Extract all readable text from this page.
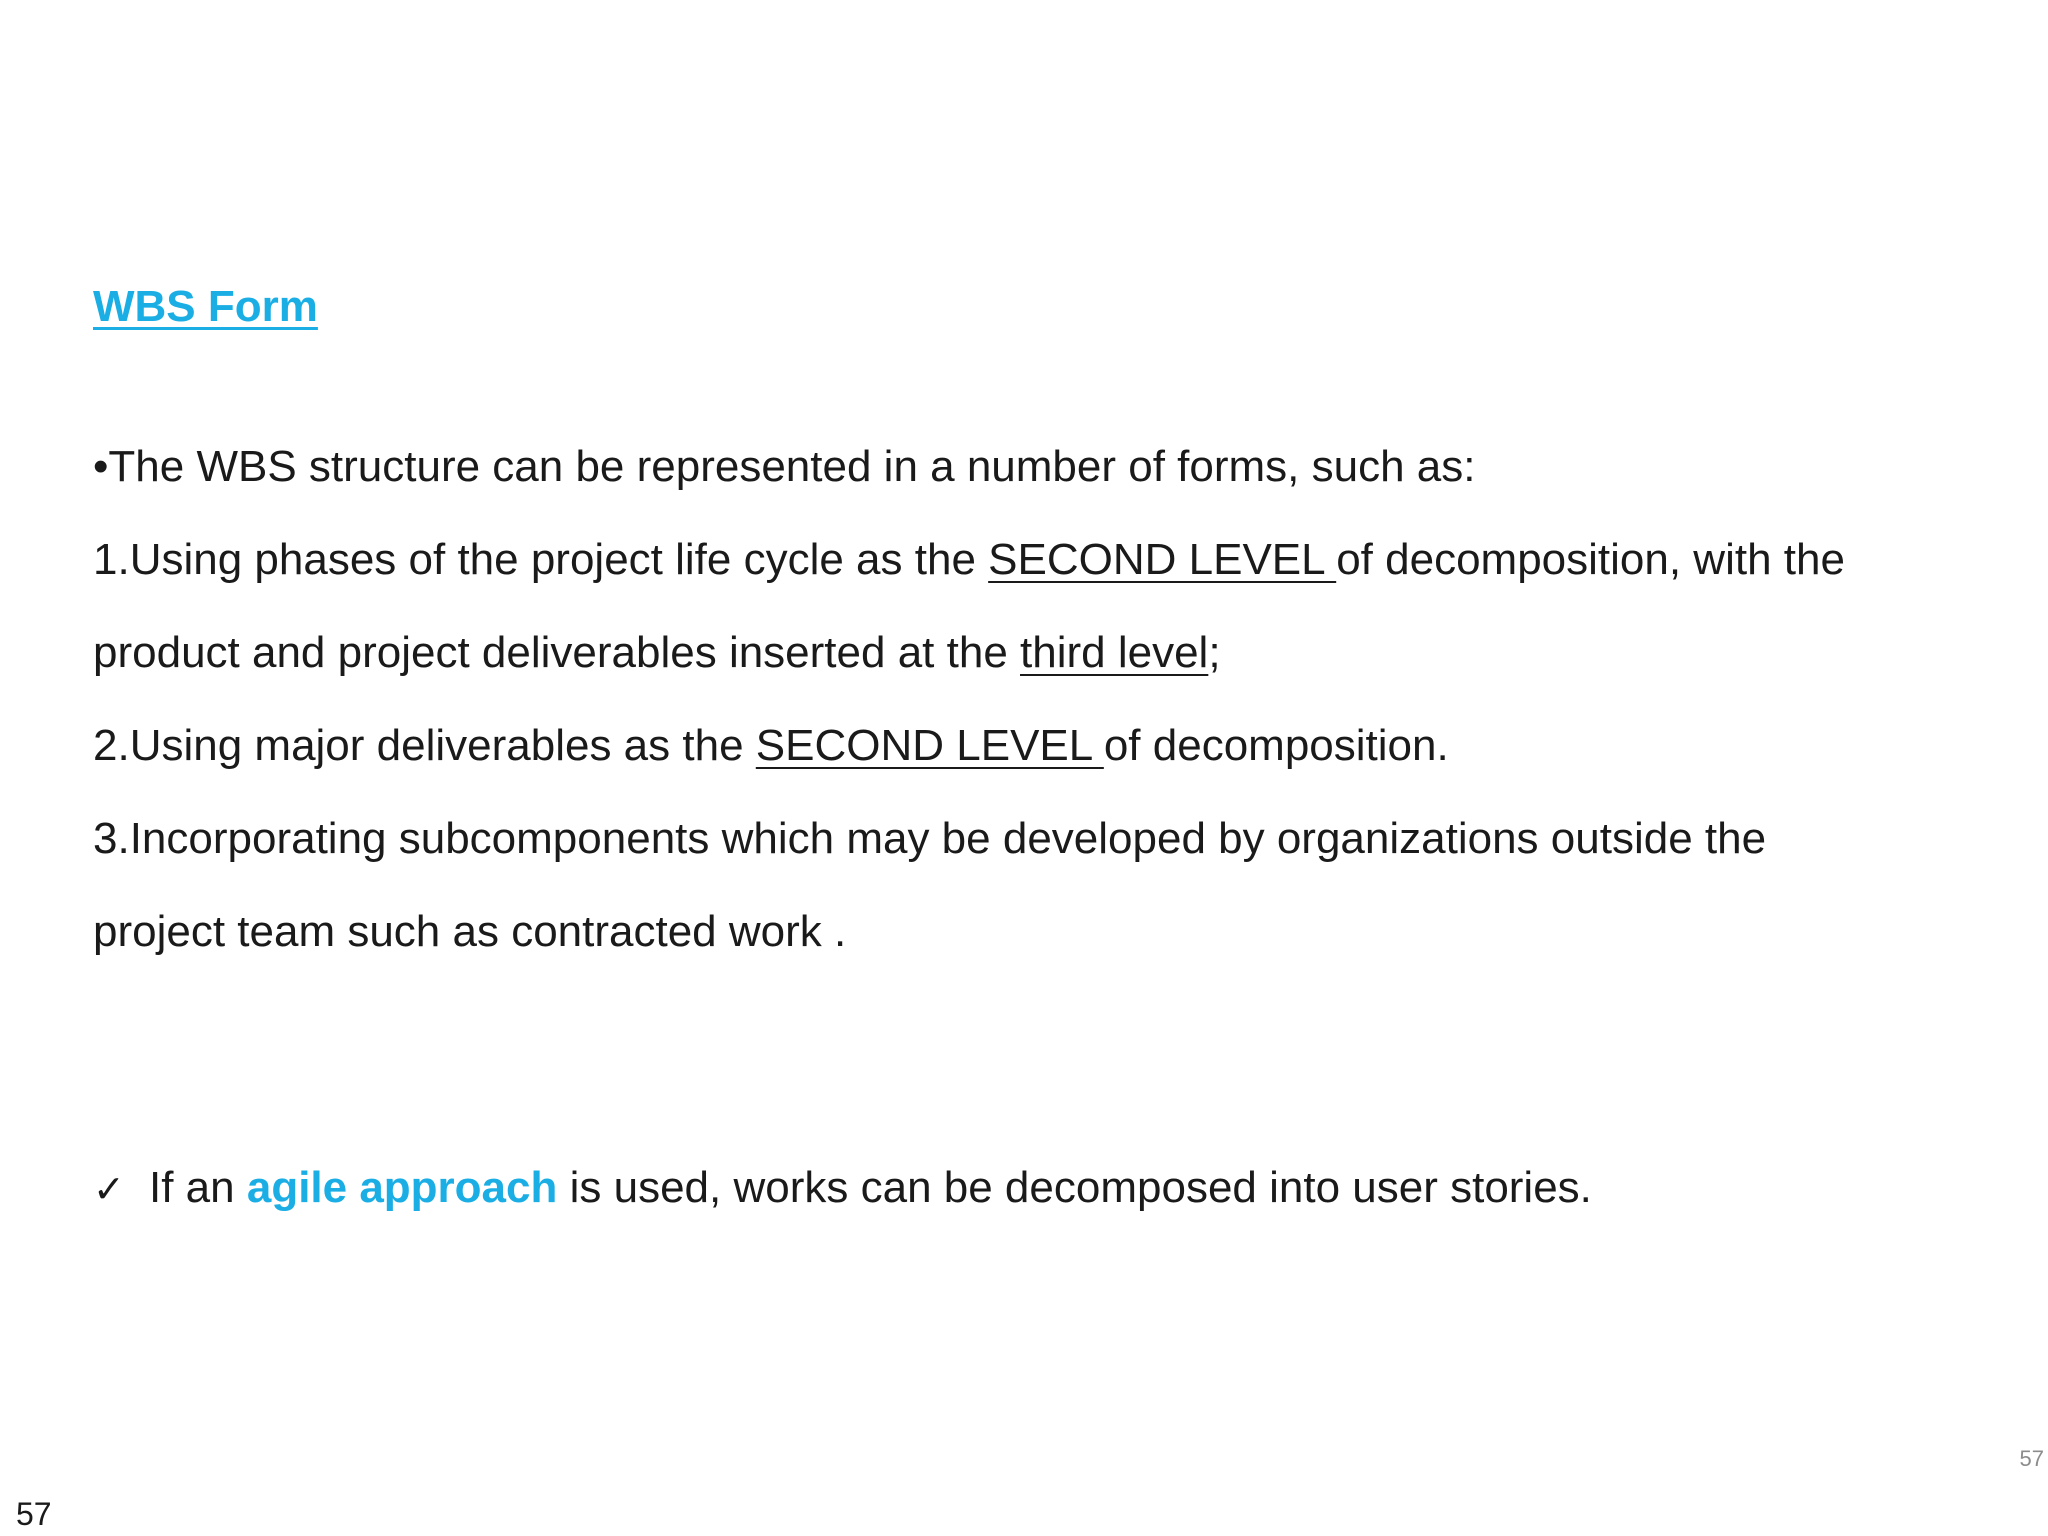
WBS Form
•The WBS structure can be represented in a number of forms, such as:
1.Using phases of the project life cycle as the SECOND LEVEL of decomposition, with the
product and project deliverables inserted at the third level;
2.Using major deliverables as the SECOND LEVEL of decomposition.
3.Incorporating subcomponents which may be developed by organizations outside the
project team such as contracted work .
✓ If an agile approach is used, works can be decomposed into user stories.
57
57
